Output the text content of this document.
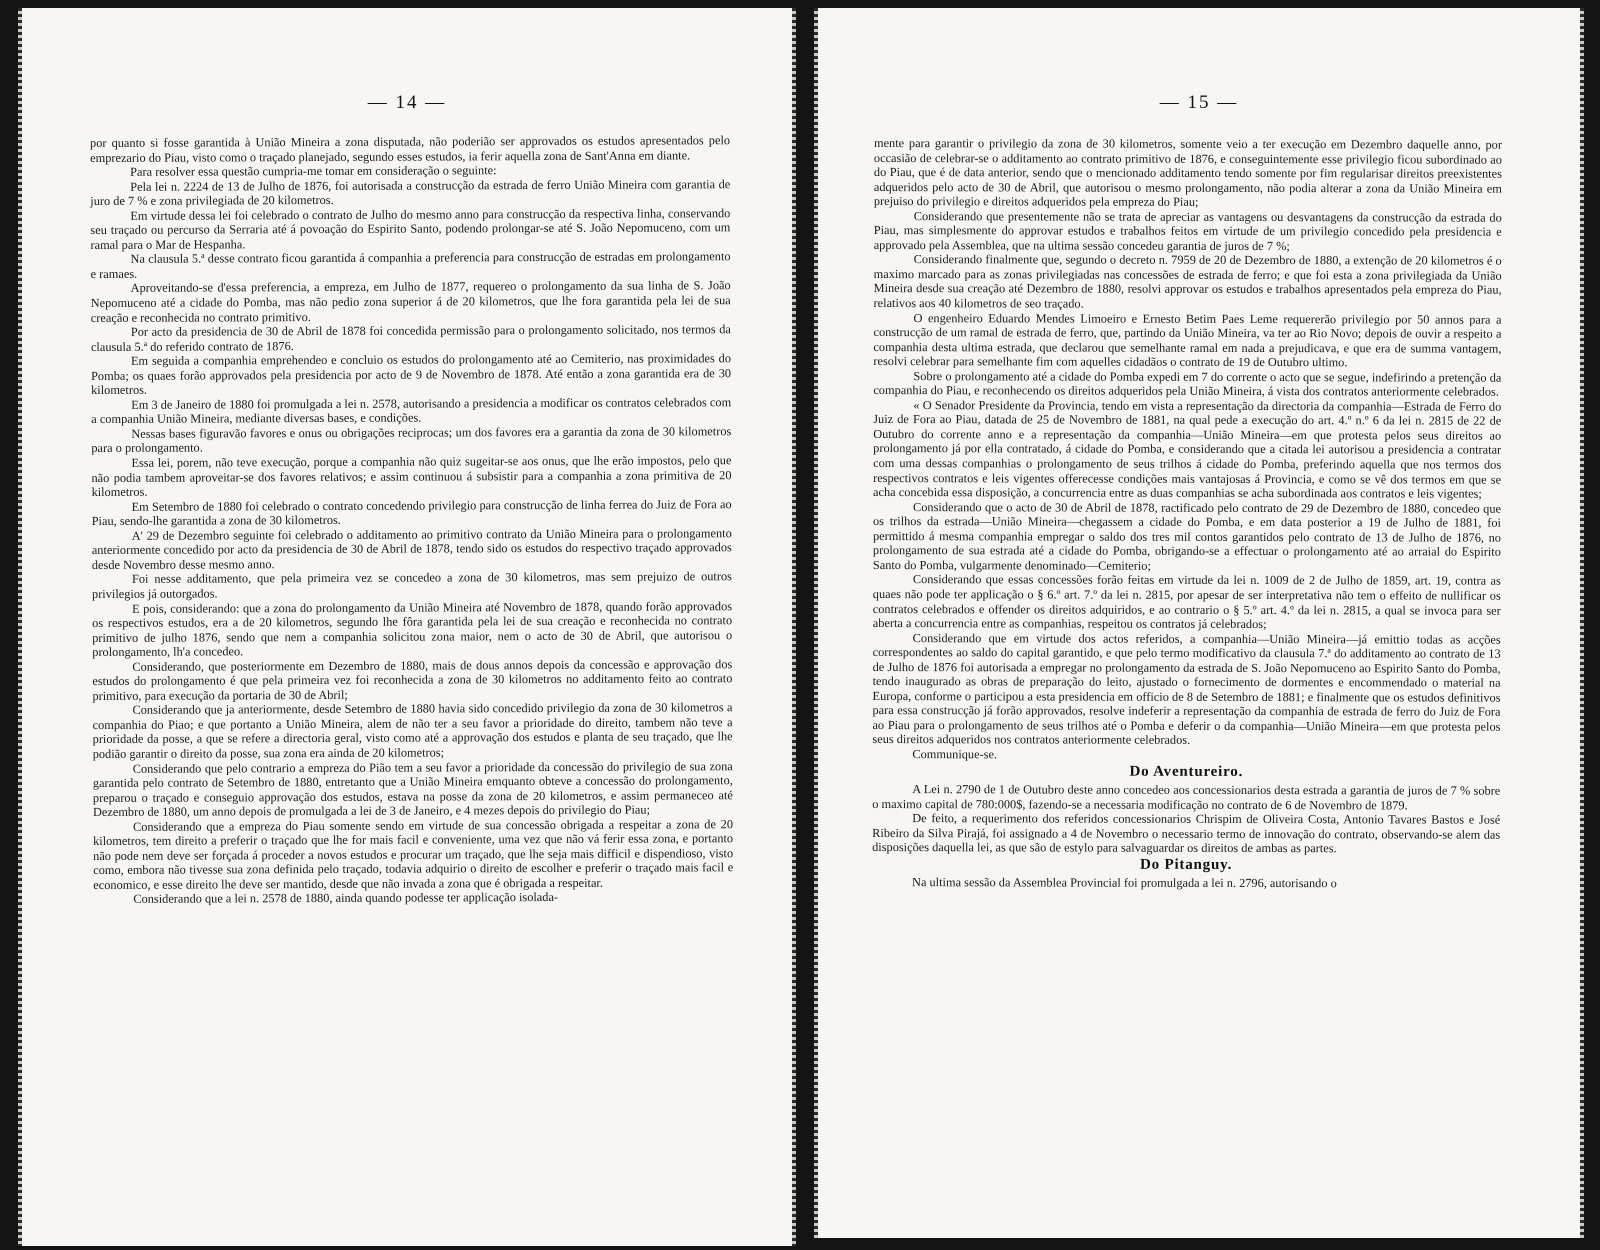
— 14 —

por quanto si fosse garantida à União Mineira a zona disputada, não poderião ser approvados os estudos apresentados pelo emprezario do Piau, visto como o traçado planejado, segundo esses estudos, ia ferir aquella zona de Sant'Anna em diante.

Para resolver essa questão cumpria-me tomar em consideração o seguinte:

Pela lei n. 2224 de 13 de Julho de 1876, foi autorisada a construcção da estrada de ferro União Mineira com garantia de juro de 7 % e zona privilegiada de 20 kilometros.

Em virtude dessa lei foi celebrado o contrato de Julho do mesmo anno para construcção da respectiva linha, conservando seu traçado ou percurso da Serraria até á povoação do Espirito Santo, podendo prolongar-se até S. João Nepomuceno, com um ramal para o Mar de Hespanha.

Na clausula 5.ª desse contrato ficou garantida á companhia a preferencia para construcção de estradas em prolongamento e ramaes.

Aproveitando-se d'essa preferencia, a empreza, em Julho de 1877, requereo o prolongamento da sua linha de S. João Nepomuceno até a cidade do Pomba, mas não pedio zona superior á de 20 kilometros, que lhe fora garantida pela lei de sua creação e reconhecida no contrato primitivo.

Por acto da presidencia de 30 de Abril de 1878 foi concedida permissão para o prolongamento solicitado, nos termos da clausula 5.ª do referido contrato de 1876.

Em seguida a companhia emprehendeo e concluio os estudos do prolongamento até ao Cemiterio, nas proximidades do Pomba; os quaes forão approvados pela presidencia por acto de 9 de Novembro de 1878. Até então a zona garantida era de 30 kilometros.

Em 3 de Janeiro de 1880 foi promulgada a lei n. 2578, autorisando a presidencia a modificar os contratos celebrados com a companhia União Mineira, mediante diversas bases, e condições.

Nessas bases figuravão favores e onus ou obrigações reciprocas; um dos favores era a garantia da zona de 30 kilometros para o prolongamento.

Essa lei, porem, não teve execução, porque a companhia não quiz sugeitar-se aos onus, que lhe erão impostos, pelo que não podia tambem aproveitar-se dos favores relativos; e assim continuou á subsistir para a companhia a zona primitiva de 20 kilometros.

Em Setembro de 1880 foi celebrado o contrato concedendo privilegio para construcção de linha ferrea do Juiz de Fora ao Piau, sendo-lhe garantida a zona de 30 kilometros.

A' 29 de Dezembro seguinte foi celebrado o additamento ao primitivo contrato da União Mineira para o prolongamento anteriormente concedido por acto da presidencia de 30 de Abril de 1878, tendo sido os estudos do respectivo traçado approvados desde Novembro desse mesmo anno.

Foi nesse additamento, que pela primeira vez se concedeo a zona de 30 kilometros, mas sem prejuizo de outros privilegios já outorgados.

E pois, considerando: que a zona do prolongamento da União Mineira até Novembro de 1878, quando forão approvados os respectivos estudos, era a de 20 kilometros, segundo lhe fôra garantida pela lei de sua creação e reconhecida no contrato primitivo de julho 1876, sendo que nem a companhia solicitou zona maior, nem o acto de 30 de Abril, que autorisou o prolongamento, lh'a concedeo.

Considerando, que posteriormente em Dezembro de 1880, mais de dous annos depois da concessão e approvação dos estudos do prolongamento é que pela primeira vez foi reconhecida a zona de 30 kilometros no additamento feito ao contrato primitivo, para execução da portaria de 30 de Abril;

Considerando que ja anteriormente, desde Setembro de 1880 havia sido concedido privilegio da zona de 30 kilometros a companhia do Piao; e que portanto a União Mineira, alem de não ter a seu favor a prioridade do direito, tambem não teve a prioridade da posse, a que se refere a directoria geral, visto como até a approvação dos estudos e planta de seu traçado, que lhe podião garantir o direito da posse, sua zona era ainda de 20 kilometros;

Considerando que pelo contrario a empreza do Pião tem a seu favor a prioridade da concessão do privilegio de sua zona garantida pelo contrato de Setembro de 1880, entretanto que a União Mineira emquanto obteve a concessão do prolongamento, preparou o traçado e conseguio approvação dos estudos, estava na posse da zona de 20 kilometros, e assim permaneceo até Dezembro de 1880, um anno depois de promulgada a lei de 3 de Janeiro, e 4 mezes depois do privilegio do Piau;

Considerando que a empreza do Piau somente sendo em virtude de sua concessão obrigada a respeitar a zona de 20 kilometros, tem direito a preferir o traçado que lhe for mais facil e conveniente, uma vez que não vá ferir essa zona, e portanto não pode nem deve ser forçada á proceder a novos estudos e procurar um traçado, que lhe seja mais difficil e dispendioso, visto como, embora não tivesse sua zona definida pelo traçado, todavia adquirio o direito de escolher e preferir o traçado mais facil e economico, e esse direito lhe deve ser mantido, desde que não invada a zona que é obrigada a respeitar.

Considerando que a lei n. 2578 de 1880, ainda quando podesse ter applicação isolada-

— 15 —

mente para garantir o privilegio da zona de 30 kilometros, somente veio a ter execução em Dezembro daquelle anno, por occasião de celebrar-se o additamento ao contrato primitivo de 1876, e conseguintemente esse privilegio ficou subordinado ao do Piau, que é de data anterior, sendo que o mencionado additamento tendo somente por fim regularisar direitos preexistentes adqueridos pelo acto de 30 de Abril, que autorisou o mesmo prolongamento, não podia alterar a zona da União Mineira em prejuiso do privilegio e direitos adqueridos pela empreza do Piau;

Considerando que presentemente não se trata de apreciar as vantagens ou desvantagens da construcção da estrada do Piau, mas simplesmente do approvar estudos e trabalhos feitos em virtude de um privilegio concedido pela presidencia e approvado pela Assemblea, que na ultima sessão concedeu garantia de juros de 7 %;

Considerando finalmente que, segundo o decreto n. 7959 de 20 de Dezembro de 1880, a extenção de 20 kilometros é o maximo marcado para as zonas privilegiadas nas concessões de estrada de ferro; e que foi esta a zona privilegiada da União Mineira desde sua creação até Dezembro de 1880, resolvi approvar os estudos e trabalhos apresentados pela empreza do Piau, relativos aos 40 kilometros de seo traçado.

O engenheiro Eduardo Mendes Limoeiro e Ernesto Betim Paes Leme requererão privilegio por 50 annos para a construcção de um ramal de estrada de ferro, que, partindo da União Mineira, va ter ao Rio Novo; depois de ouvir a respeito a companhia desta ultima estrada, que declarou que semelhante ramal em nada a prejudicava, e que era de summa vantagem, resolvi celebrar para semelhante fim com aquelles cidadãos o contrato de 19 de Outubro ultimo.

Sobre o prolongamento até a cidade do Pomba expedi em 7 do corrente o acto que se segue, indefirindo a pretenção da companhia do Piau, e reconhecendo os direitos adqueridos pela União Mineira, á vista dos contratos anteriormente celebrados.

« O Senador Presidente da Provincia, tendo em vista a representação da directoria da companhia—Estrada de Ferro do Juiz de Fora ao Piau, datada de 25 de Novembro de 1881, na qual pede a execução do art. 4.º n.º 6 da lei n. 2815 de 22 de Outubro do corrente anno e a representação da companhia—União Mineira—em que protesta pelos seus direitos ao prolongamento já por ella contratado, á cidade do Pomba, e considerando que a citada lei autorisou a presidencia a contratar com uma dessas companhias o prolongamento de seus trilhos á cidade do Pomba, preferindo aquella que nos termos dos respectivos contratos e leis vigentes offerecesse condições mais vantajosas á Provincia, e como se vê dos termos em que se acha concebida essa disposição, a concurrencia entre as duas companhias se acha subordinada aos contratos e leis vigentes;

Considerando que o acto de 30 de Abril de 1878, ractificado pelo contrato de 29 de Dezembro de 1880, concedeo que os trilhos da estrada—União Mineira—chegassem a cidade do Pomba, e em data posterior a 19 de Julho de 1881, foi permittido á mesma companhia empregar o saldo dos tres mil contos garantidos pelo contrato de 13 de Julho de 1876, no prolongamento de sua estrada até a cidade do Pomba, obrigando-se a effectuar o prolongamento até ao arraial do Espirito Santo do Pomba, vulgarmente denominado—Cemiterio;

Considerando que essas concessões forão feitas em virtude da lei n. 1009 de 2 de Julho de 1859, art. 19, contra as quaes não pode ter applicação o § 6.º art. 7.º da lei n. 2815, por apesar de ser interpretativa não tem o effeito de nullificar os contratos celebrados e offender os direitos adquiridos, e ao contrario o § 5.º art. 4.º da lei n. 2815, a qual se invoca para ser aberta a concurrencia entre as companhias, respeitou os contratos já celebrados;

Considerando que em virtude dos actos referidos, a companhia—União Mineira—já emittio todas as acções correspondentes ao saldo do capital garantido, e que pelo termo modificativo da clausula 7.ª do additamento ao contrato de 13 de Julho de 1876 foi autorisada a empregar no prolongamento da estrada de S. João Nepomuceno ao Espirito Santo do Pomba, tendo inaugurado as obras de preparação do leito, ajustado o fornecimento de dormentes e encommendado o material na Europa, conforme o participou a esta presidencia em officio de 8 de Setembro de 1881; e finalmente que os estudos definitivos para essa construcção já forão approvados, resolve indeferir a representação da companhia de estrada de ferro do Juiz de Fora ao Piau para o prolongamento de seus trilhos até o Pomba e deferir o da companhia—União Mineira—em que protesta pelos seus direitos adqueridos nos contratos anteriormente celebrados.

Communique-se.

Do Aventureiro.

A Lei n. 2790 de 1 de Outubro deste anno concedeo aos concessionarios desta estrada a garantia de juros de 7 % sobre o maximo capital de 780:000$, fazendo-se a necessaria modificação no contrato de 6 de Novembro de 1879.

De feito, a requerimento dos referidos concessionarios Chrispim de Oliveira Costa, Antonio Tavares Bastos e José Ribeiro da Silva Pirajá, foi assignado a 4 de Novembro o necessario termo de innovação do contrato, observando-se alem das disposições daquella lei, as que são de estylo para salvaguardar os direitos de ambas as partes.

Do Pitanguy.

Na ultima sessão da Assemblea Provincial foi promulgada a lei n. 2796, autorisando o
